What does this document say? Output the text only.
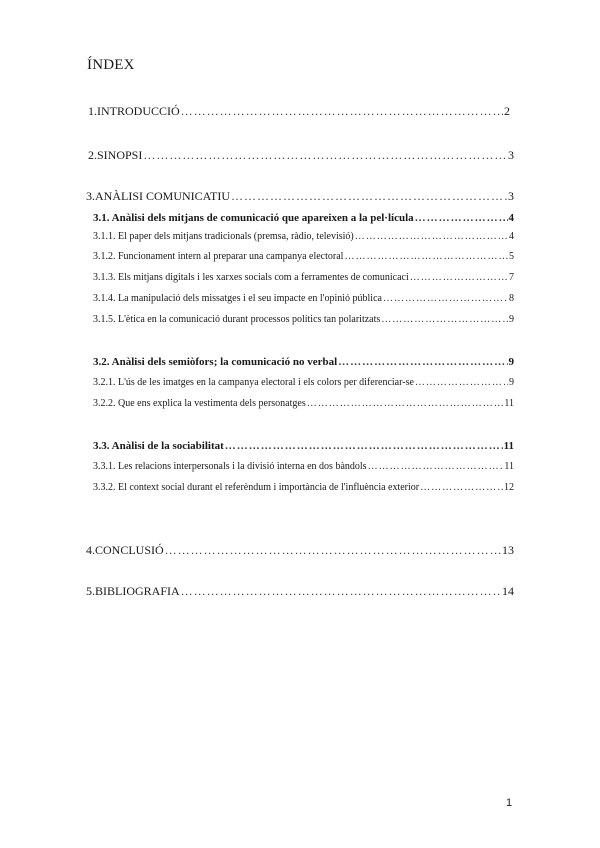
ÍNDEX
1.INTRODUCCIÓ …………………………………………………………………………………………………………………………………………………………………………………………………	2
2.SINOPSI …………………………………………………………………………………………………………………………………………………………………………………………………	3
3.ANÀLISI COMUNICATIU …………………………………………………………………………………………………………………………………………………………………………………………………	3
3.1. Anàlisi dels mitjans de comunicació que apareixen a la pel·lícula …………………………………………………………………………………………………………………………………………………………………………………………………	4
3.1.1. El paper dels mitjans tradicionals (premsa, ràdio, televisió) …………………………………………………………………………………………………………………………………………………………………………………………………	4
3.1.2. Funcionament intern al preparar una campanya electoral …………………………………………………………………………………………………………………………………………………………………………………………………	5
3.1.3. Els mitjans digitals i les xarxes socials com a ferramentes de comunicaci …………………………………………………………………………………………………………………………………………………………………………………………………	7
3.1.4. La manipulació dels missatges i el seu impacte en l'opinió pública …………………………………………………………………………………………………………………………………………………………………………………………………	8
3.1.5. L'ètica en la comunicació durant processos polítics tan polaritzats …………………………………………………………………………………………………………………………………………………………………………………………………	9
3.2. Anàlisi dels semiòfors; la comunicació no verbal …………………………………………………………………………………………………………………………………………………………………………………………………	9
3.2.1. L'ús de les imatges en la campanya electoral i els colors per diferenciar-se …………………………………………………………………………………………………………………………………………………………………………………………………	9
3.2.2. Que ens explica la vestimenta dels personatges …………………………………………………………………………………………………………………………………………………………………………………………………	11
3.3. Anàlisi de la sociabilitat …………………………………………………………………………………………………………………………………………………………………………………………………	11
3.3.1. Les relacions interpersonals i la divisió interna en dos bàndols …………………………………………………………………………………………………………………………………………………………………………………………………	11
3.3.2. El context social durant el referèndum i importància de l'influència exterior …………………………………………………………………………………………………………………………………………………………………………………………………	12
4.CONCLUSIÓ …………………………………………………………………………………………………………………………………………………………………………………………………	13
5.BIBLIOGRAFIA …………………………………………………………………………………………………………………………………………………………………………………………………	14
1
